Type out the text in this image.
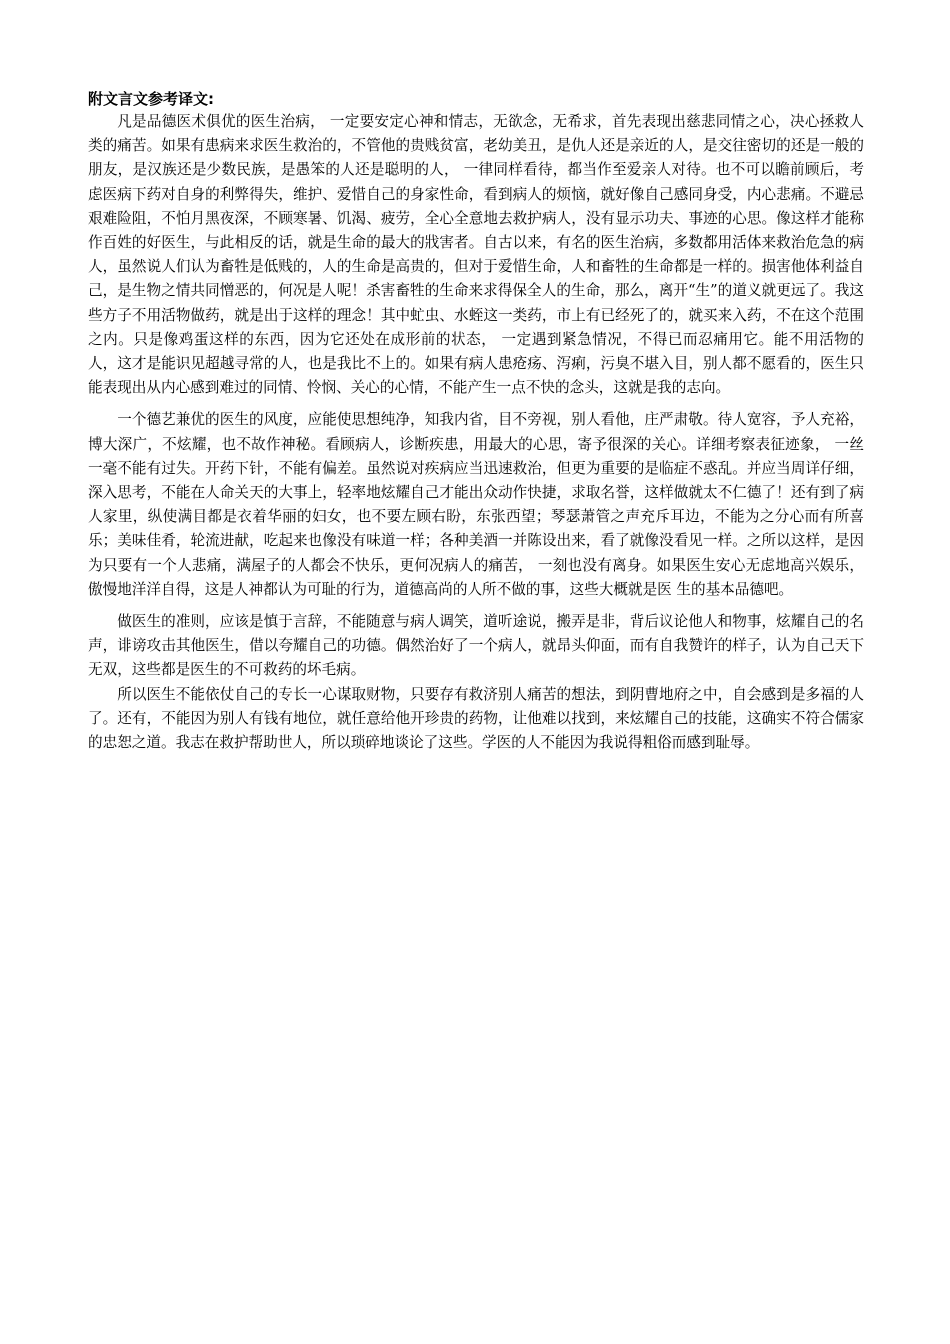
附文言文参考译文:

凡是品德医术俱优的医生治病， 一定要安定心神和情志，无欲念，无希求，首先表现出慈悲同情之心，决心拯救人类的痛苦。如果有患病来求医生救治的，不管他的贵贱贫富，老幼美丑，是仇人还是亲近的人，是交往密切的还是一般的朋友，是汉族还是少数民族，是愚笨的人还是聪明的人， 一律同样看待，都当作至爱亲人对待。也不可以瞻前顾后，考虑医病下药对自身的利弊得失，维护、爱惜自己的身家性命，看到病人的烦恼，就好像自己感同身受，内心悲痛。不避忌艰难险阻，不怕月黑夜深，不顾寒暑、饥渴、疲劳，全心全意地去救护病人，没有显示功夫、事迹的心思。像这样才能称作百姓的好医生，与此相反的话，就是生命的最大的戕害者。自古以来，有名的医生治病，多数都用活体来救治危急的病人，虽然说人们认为畜牲是低贱的，人的生命是高贵的，但对于爱惜生命，人和畜牲的生命都是一样的。损害他体利益自己，是生物之情共同憎恶的，何况是人呢！杀害畜牲的生命来求得保全人的生命，那么，离开“生”的道义就更远了。我这些方子不用活物做药，就是出于这样的理念！其中虻虫、水蛭这一类药，市上有已经死了的，就买来入药，不在这个范围之内。只是像鸡蛋这样的东西，因为它还处在成形前的状态， 一定遇到紧急情况，不得已而忍痛用它。能不用活物的人，这才是能识见超越寻常的人，也是我比不上的。如果有病人患疮疡、泻痢，污臭不堪入目，别人都不愿看的，医生只能表现出从内心感到难过的同情、怜悯、关心的心情，不能产生一点不快的念头，这就是我的志向。

一个德艺兼优的医生的风度，应能使思想纯净，知我内省，目不旁视，别人看他，庄严肃敬。待人宽容，予人充裕，博大深广，不炫耀，也不故作神秘。看顾病人，诊断疾患，用最大的心思，寄予很深的关心。详细考察表征迹象， 一丝一毫不能有过失。开药下针，不能有偏差。虽然说对疾病应当迅速救治，但更为重要的是临症不惑乱。并应当周详仔细，深入思考，不能在人命关天的大事上，轻率地炫耀自己才能出众动作快捷，求取名誉，这样做就太不仁德了！还有到了病人家里，纵使满目都是衣着华丽的妇女，也不要左顾右盼，东张西望；琴瑟萧管之声充斥耳边，不能为之分心而有所喜乐；美味佳肴，轮流进献，吃起来也像没有味道一样；各种美酒一并陈设出来，看了就像没看见一样。之所以这样，是因为只要有一个人悲痛，满屋子的人都会不快乐，更何况病人的痛苦， 一刻也没有离身。如果医生安心无虑地高兴娱乐，傲慢地洋洋自得，这是人神都认为可耻的行为，道德高尚的人所不做的事，这些大概就是医 生的基本品德吧。

做医生的准则，应该是慎于言辞，不能随意与病人调笑，道听途说，搬弄是非，背后议论他人和物事，炫耀自己的名声，诽谤攻击其他医生，借以夸耀自己的功德。偶然治好了一个病人，就昂头仰面，而有自我赞许的样子，认为自己天下无双，这些都是医生的不可救药的坏毛病。

所以医生不能依仗自己的专长一心谋取财物，只要存有救济别人痛苦的想法，到阴曹地府之中，自会感到是多福的人了。还有，不能因为别人有钱有地位，就任意给他开珍贵的药物，让他难以找到，来炫耀自己的技能，这确实不符合儒家的忠恕之道。我志在救护帮助世人，所以琐碎地谈论了这些。学医的人不能因为我说得粗俗而感到耻辱。
